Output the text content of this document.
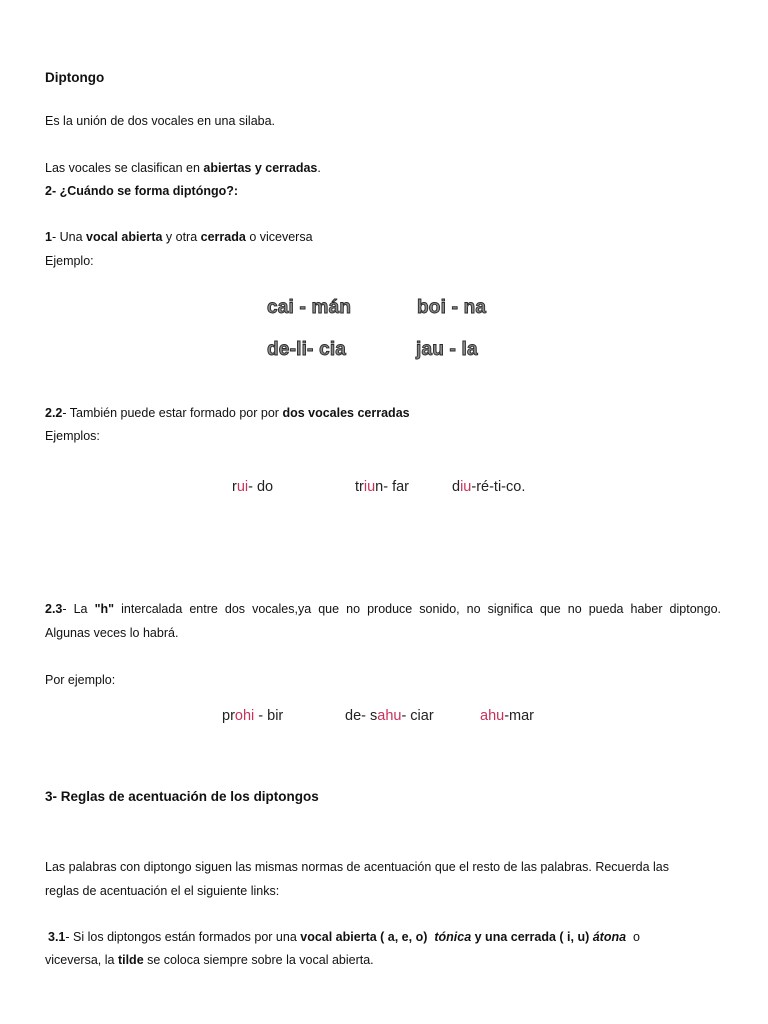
Diptongo
Es la unión de dos vocales en una silaba.
Las vocales se clasifican en abiertas y cerradas.
2- ¿Cuándo se forma diptóngo?:
1- Una vocal abierta y otra cerrada o viceversa
Ejemplo:
cai - mán	boi - na
de-li- cia	jau - la
2.2- También puede estar formado por por dos vocales cerradas
Ejemplos:
rui- do	triun- far	diu-ré-ti-co.
2.3- La "h" intercalada entre dos vocales,ya que no produce sonido, no significa que no pueda haber diptongo.
Algunas veces lo habrá.
Por ejemplo:
prohi - bir	de- sahu- ciar	ahu-mar
3- Reglas de acentuación de los diptongos
Las palabras con diptongo siguen las mismas normas de acentuación que el resto de las palabras. Recuerda las
reglas de acentuación el el siguiente links:
3.1- Si los diptongos están formados por una vocal abierta ( a, e, o) tónica y una cerrada ( i, u) átona  o
viceversa, la tilde se coloca siempre sobre la vocal abierta.
